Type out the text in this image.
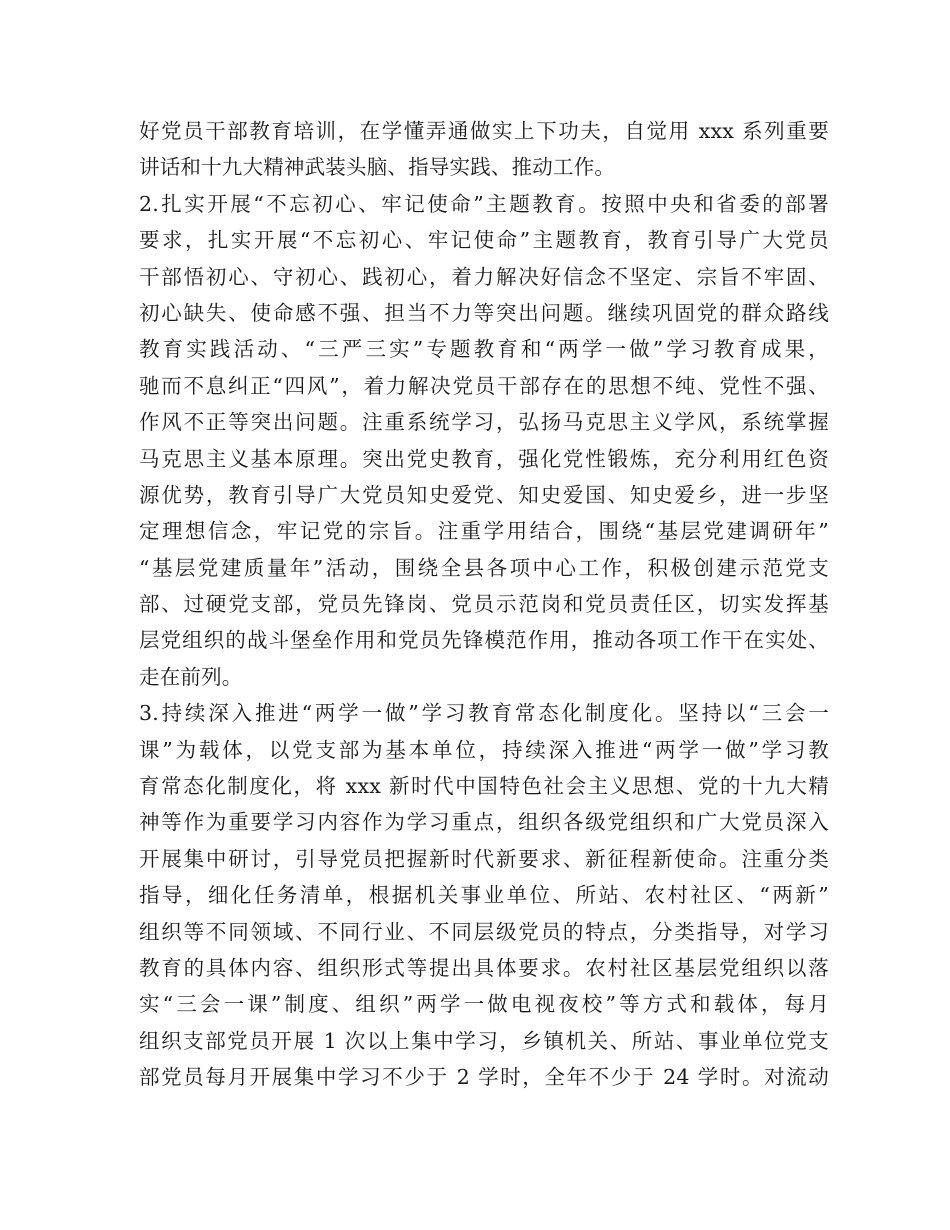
好党员干部教育培训，在学懂弄通做实上下功夫，自觉用 xxx 系列重要
讲话和十九大精神武装头脑、指导实践、推动工作。
2.扎实开展“不忘初心、牢记使命”主题教育。按照中央和省委的部署
要求，扎实开展“不忘初心、牢记使命”主题教育，教育引导广大党员
干部悟初心、守初心、践初心，着力解决好信念不坚定、宗旨不牢固、
初心缺失、使命感不强、担当不力等突出问题。继续巩固党的群众路线
教育实践活动、“三严三实”专题教育和“两学一做”学习教育成果，
驰而不息纠正“四风”，着力解决党员干部存在的思想不纯、党性不强、
作风不正等突出问题。注重系统学习，弘扬马克思主义学风，系统掌握
马克思主义基本原理。突出党史教育，强化党性锻炼，充分利用红色资
源优势，教育引导广大党员知史爱党、知史爱国、知史爱乡，进一步坚
定理想信念，牢记党的宗旨。注重学用结合，围绕“基层党建调研年”
“基层党建质量年”活动，围绕全县各项中心工作，积极创建示范党支
部、过硬党支部，党员先锋岗、党员示范岗和党员责任区，切实发挥基
层党组织的战斗堡垒作用和党员先锋模范作用，推动各项工作干在实处、
走在前列。
3.持续深入推进“两学一做”学习教育常态化制度化。坚持以“三会一
课”为载体，以党支部为基本单位，持续深入推进“两学一做”学习教
育常态化制度化，将 xxx 新时代中国特色社会主义思想、党的十九大精
神等作为重要学习内容作为学习重点，组织各级党组织和广大党员深入
开展集中研讨，引导党员把握新时代新要求、新征程新使命。注重分类
指导，细化任务清单，根据机关事业单位、所站、农村社区、“两新”
组织等不同领域、不同行业、不同层级党员的特点，分类指导，对学习
教育的具体内容、组织形式等提出具体要求。农村社区基层党组织以落
实“三会一课”制度、组织”两学一做电视夜校”等方式和载体，每月
组织支部党员开展 1 次以上集中学习，乡镇机关、所站、事业单位党支
部党员每月开展集中学习不少于 2 学时，全年不少于 24 学时。对流动
